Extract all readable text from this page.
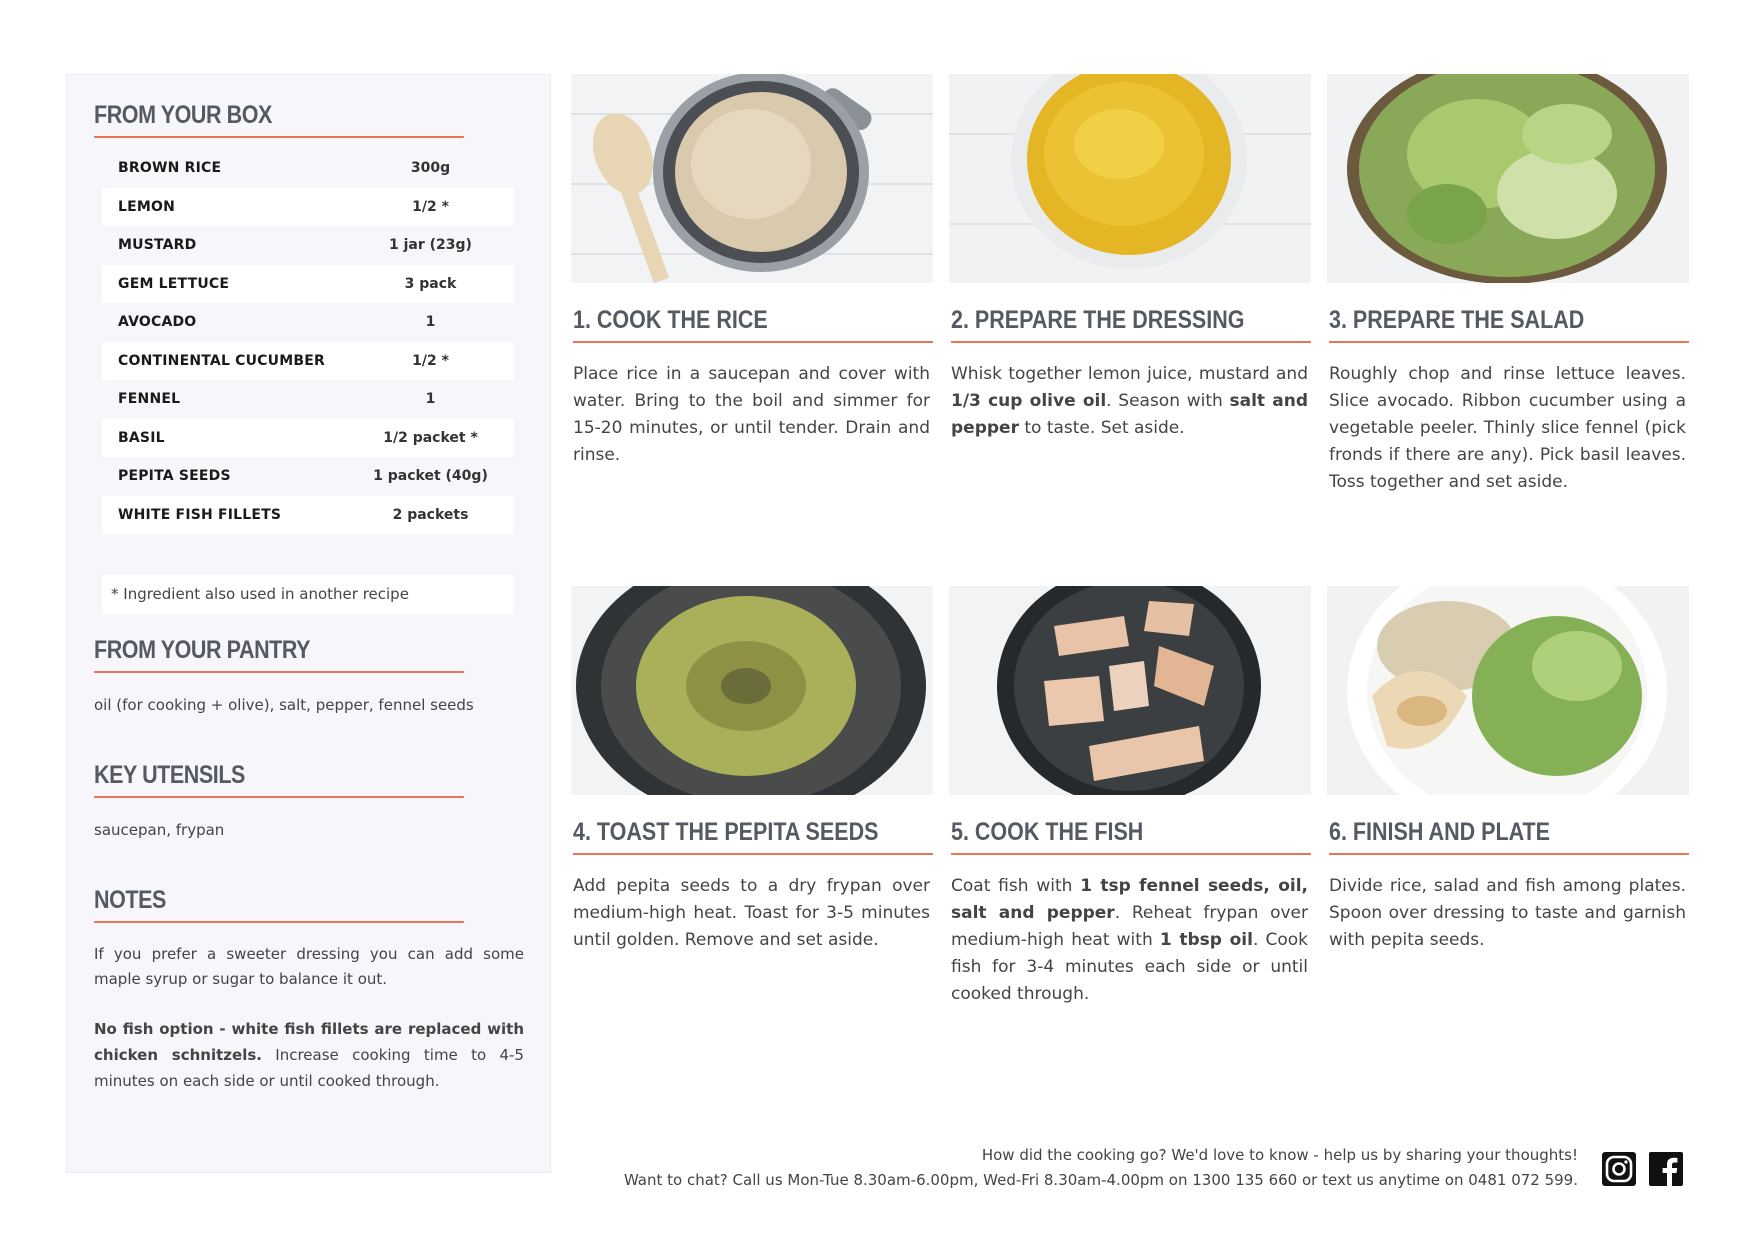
FROM YOUR BOX
BROWN RICE	300g
LEMON	1/2 *
MUSTARD	1 jar (23g)
GEM LETTUCE	3 pack
AVOCADO	1
CONTINENTAL CUCUMBER	1/2 *
FENNEL	1
BASIL	1/2 packet *
PEPITA SEEDS	1 packet (40g)
WHITE FISH FILLETS	2 packets
* Ingredient also used in another recipe
FROM YOUR PANTRY
oil (for cooking + olive), salt, pepper, fennel seeds
KEY UTENSILS
saucepan, frypan
NOTES
If you prefer a sweeter dressing you can add some maple syrup or sugar to balance it out.
No fish option - white fish fillets are replaced with chicken schnitzels. Increase cooking time to 4-5 minutes on each side or until cooked through.
1. COOK THE RICE
Place rice in a saucepan and cover with water. Bring to the boil and simmer for 15-20 minutes, or until tender. Drain and rinse.
2. PREPARE THE DRESSING
Whisk together lemon juice, mustard and 1/3 cup olive oil. Season with salt and pepper to taste. Set aside.
3. PREPARE THE SALAD
Roughly chop and rinse lettuce leaves. Slice avocado. Ribbon cucumber using a vegetable peeler. Thinly slice fennel (pick fronds if there are any). Pick basil leaves. Toss together and set aside.
4. TOAST THE PEPITA SEEDS
Add pepita seeds to a dry frypan over medium-high heat. Toast for 3-5 minutes until golden. Remove and set aside.
5. COOK THE FISH
Coat fish with 1 tsp fennel seeds, oil, salt and pepper. Reheat frypan over medium-high heat with 1 tbsp oil. Cook fish for 3-4 minutes each side or until cooked through.
6. FINISH AND PLATE
Divide rice, salad and fish among plates. Spoon over dressing to taste and garnish with pepita seeds.
How did the cooking go? We'd love to know - help us by sharing your thoughts!
Want to chat? Call us Mon-Tue 8.30am-6.00pm, Wed-Fri 8.30am-4.00pm on 1300 135 660 or text us anytime on 0481 072 599.
